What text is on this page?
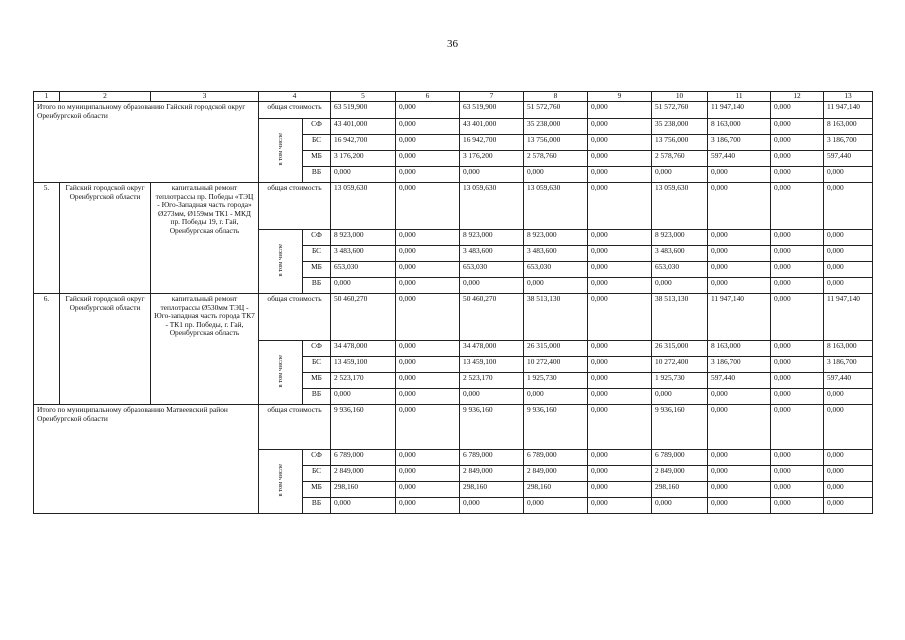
36
1	2	3	4		5	6	7	8	9	10	11	12	13
Итого по муниципальному образованию Гайский городской округ Оренбургской области			общая стоимость		63 519,900	0,000	63 519,900	51 572,760	0,000	51 572,760	11 947,140	0,000	11 947,140
			в том числе	СФ	43 401,000	0,000	43 401,000	35 238,000	0,000	35 238,000	8 163,000	0,000	8 163,000
				БС	16 942,700	0,000	16 942,700	13 756,000	0,000	13 756,000	3 186,700	0,000	3 186,700
				МБ	3 176,200	0,000	3 176,200	2 578,760	0,000	2 578,760	597,440	0,000	597,440
				ВБ	0,000	0,000	0,000	0,000	0,000	0,000	0,000	0,000	0,000
5.	Гайский городской округ Оренбургской области	капитальный ремонт теплотрассы пр. Победы «ТЭЦ - Юго-Западная часть города» Ø273мм, Ø159мм ТК1 - МКД пр. Победы 19, г. Гай, Оренбургская область	общая стоимость		13 059,630	0,000	13 059,630	13 059,630	0,000	13 059,630	0,000	0,000	0,000
			в том числе	СФ	8 923,000	0,000	8 923,000	8 923,000	0,000	8 923,000	0,000	0,000	0,000
				БС	3 483,600	0,000	3 483,600	3 483,600	0,000	3 483,600	0,000	0,000	0,000
				МБ	653,030	0,000	653,030	653,030	0,000	653,030	0,000	0,000	0,000
				ВБ	0,000	0,000	0,000	0,000	0,000	0,000	0,000	0,000	0,000
6.	Гайский городской округ Оренбургской области	капитальный ремонт теплотрассы Ø530мм ТЭЦ - Юго-западная часть города ТК7 - ТК1 пр. Победы, г. Гай, Оренбургская область	общая стоимость		50 460,270	0,000	50 460,270	38 513,130	0,000	38 513,130	11 947,140	0,000	11 947,140
			в том числе	СФ	34 478,000	0,000	34 478,000	26 315,000	0,000	26 315,000	8 163,000	0,000	8 163,000
				БС	13 459,100	0,000	13 459,100	10 272,400	0,000	10 272,400	3 186,700	0,000	3 186,700
				МБ	2 523,170	0,000	2 523,170	1 925,730	0,000	1 925,730	597,440	0,000	597,440
				ВБ	0,000	0,000	0,000	0,000	0,000	0,000	0,000	0,000	0,000
Итого по муниципальному образованию Матвеевский район Оренбургской области			общая стоимость		9 936,160	0,000	9 936,160	9 936,160	0,000	9 936,160	0,000	0,000	0,000
			в том числе	СФ	6 789,000	0,000	6 789,000	6 789,000	0,000	6 789,000	0,000	0,000	0,000
				БС	2 849,000	0,000	2 849,000	2 849,000	0,000	2 849,000	0,000	0,000	0,000
				МБ	298,160	0,000	298,160	298,160	0,000	298,160	0,000	0,000	0,000
				ВБ	0,000	0,000	0,000	0,000	0,000	0,000	0,000	0,000	0,000
